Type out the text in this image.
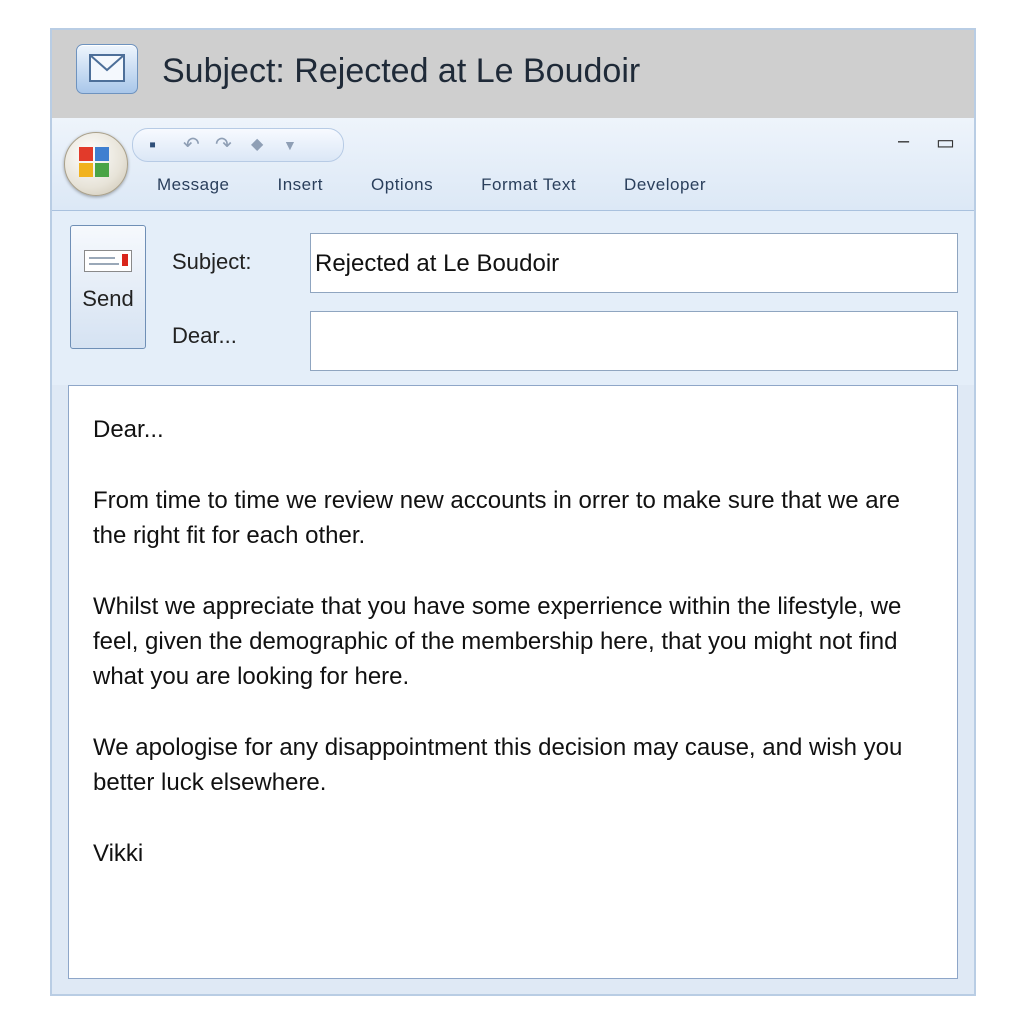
Subject: Rejected at Le Boudoir
▪ ↶ ↷ ◆ ▼	– ▭
Message	Insert	Options	Format Text	Developer
Send
Subject:	Rejected at Le Boudoir
Dear...

Dear...

From time to time we review new accounts in orrer to make sure that we are the right fit for each other.

Whilst we appreciate that you have some experrience within the lifestyle, we feel, given the demographic of the membership here, that you might not find what you are looking for here.

We apologise for any disappointment this decision may cause, and wish you better luck elsewhere.

Vikki
